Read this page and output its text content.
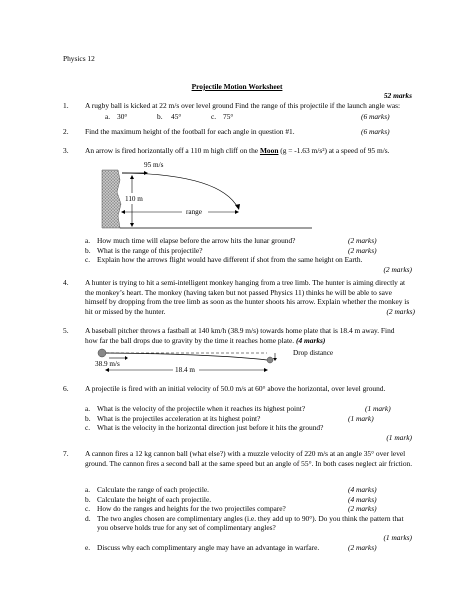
Physics 12
Projectile Motion Worksheet
52 marks
1.	A rugby ball is kicked at 22 m/s over level ground Find the range of this projectile if the launch angle was:
a. 30°	b. 45°	c. 75°	(6 marks)
2.	Find the maximum height of the football for each angle in question #1.	(6 marks)
3.	An arrow is fired horizontally off a 110 m high cliff on the Moon (g = -1.63 m/s²) at a speed of 95 m/s.
95 m/s
110 m
range
a. How much time will elapse before the arrow hits the lunar ground?	(2 marks)
b. What is the range of this projectile?	(2 marks)
c. Explain how the arrows flight would have different if shot from the same height on Earth.
(2 marks)
4.	A hunter is trying to hit a semi-intelligent monkey hanging from a tree limb. The hunter is aiming directly at the monkey’s heart. The monkey (having taken but not passed Physics 11) thinks he will be able to save himself by dropping from the tree limb as soon as the hunter shoots his arrow. Explain whether the monkey is hit or missed by the hunter.	(2 marks)
5.	A baseball pitcher throws a fastball at 140 km/h (38.9 m/s) towards home plate that is 18.4 m away. Find how far the ball drops due to gravity by the time it reaches home plate. (4 marks)
Drop distance
38.9 m/s
18.4 m
6.	A projectile is fired with an initial velocity of 50.0 m/s at 60° above the horizontal, over level ground.
a. What is the velocity of the projectile when it reaches its highest point?	(1 mark)
b. What is the projectiles acceleration at its highest point?	(1 mark)
c. What is the velocity in the horizontal direction just before it hits the ground?
(1 mark)
7.	A cannon fires a 12 kg cannon ball (what else?) with a muzzle velocity of 220 m/s at an angle 35° over level ground. The cannon fires a second ball at the same speed but an angle of 55°. In both cases neglect air friction.
a. Calculate the range of each projectile.	(4 marks)
b. Calculate the height of each projectile.	(4 marks)
c. How do the ranges and heights for the two projectiles compare?	(2 marks)
d. The two angles chosen are complimentary angles (i.e. they add up to 90°). Do you think the pattern that you observe holds true for any set of complimentary angles?
(1 marks)
e. Discuss why each complimentary angle may have an advantage in warfare.	(2 marks)
